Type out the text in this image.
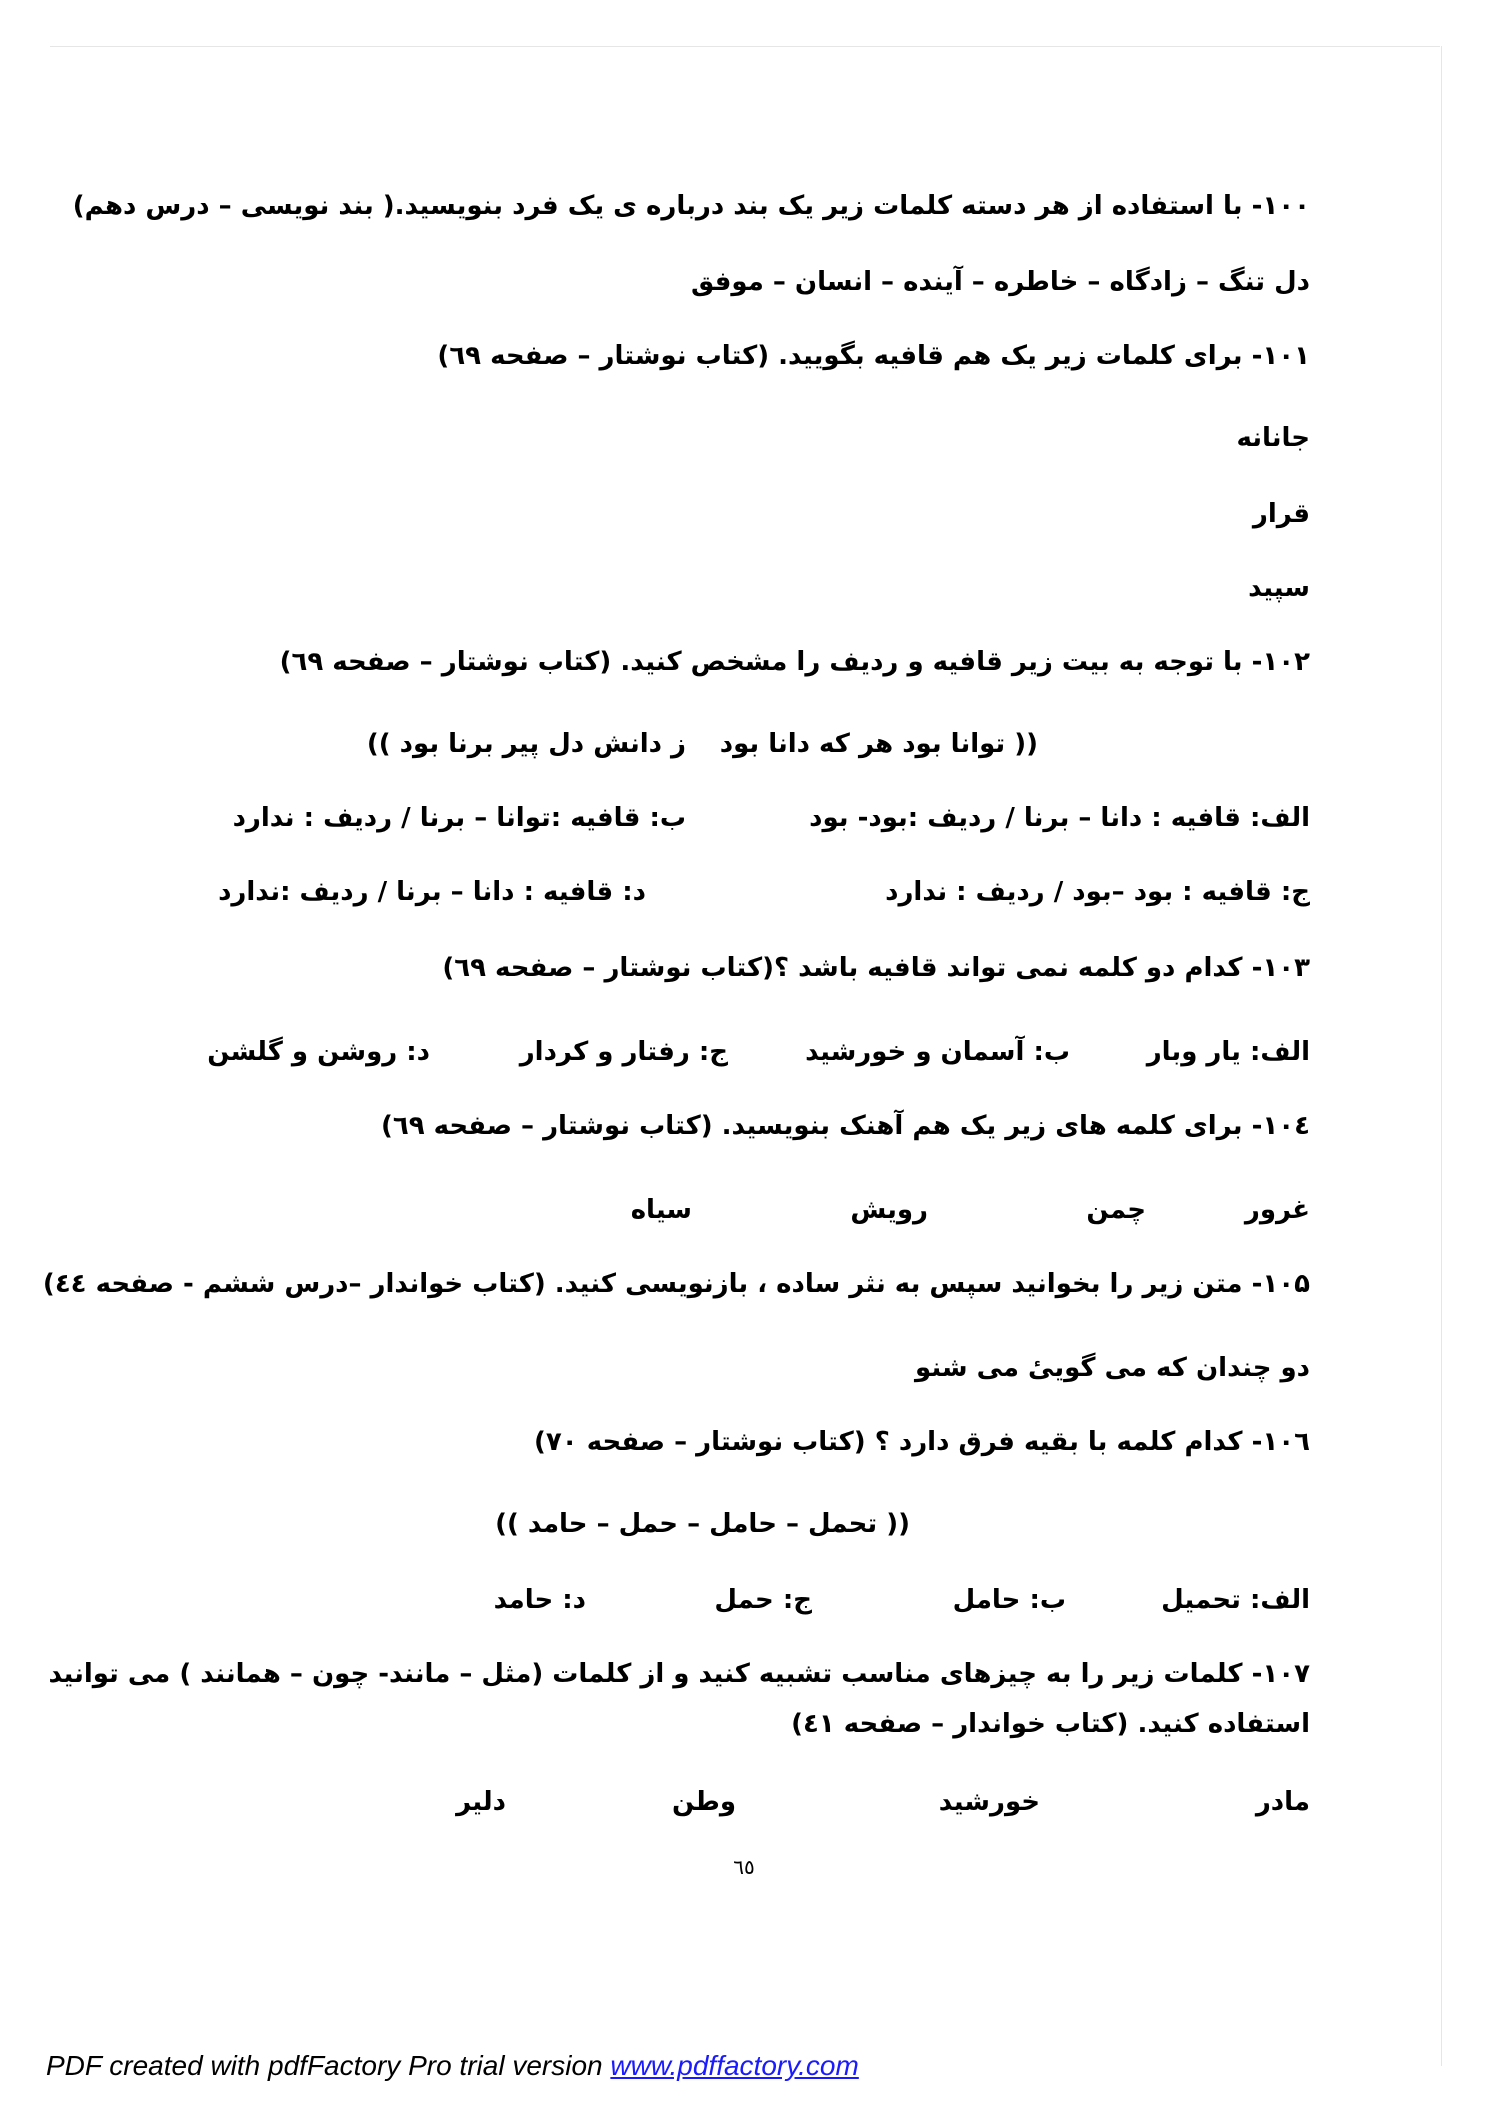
۱۰۰- با استفاده از هر دسته کلمات زیر یک بند درباره ی یک فرد بنویسید.( بند نویسی – درس دهم)
دل تنگ – زادگاه – خاطره – آینده – انسان – موفق
۱۰۱- برای کلمات زیر یک هم قافیه بگویید. (کتاب نوشتار – صفحه ٦٩)
جانانه
قرار
سپید
۱۰۲- با توجه به بیت زیر قافیه و ردیف را مشخص کنید. (کتاب نوشتار – صفحه ٦٩)
(( توانا بود هر که دانا بود
ز دانش دل پیر برنا بود ))
الف: قافیه : دانا – برنا / ردیف :بود- بود
ب: قافیه :توانا – برنا / ردیف : ندارد
ج: قافیه : بود –بود / ردیف : ندارد
د: قافیه : دانا – برنا / ردیف :ندارد
۱۰۳- کدام دو کلمه نمی تواند قافیه باشد ؟(کتاب نوشتار – صفحه ٦٩)
الف: یار وبار
ب: آسمان و خورشید
ج: رفتار و کردار
د: روشن و گلشن
۱۰٤- برای کلمه های زیر یک هم آهنک بنویسید. (کتاب نوشتار – صفحه ٦٩)
غرور
چمن
رویش
سیاه
۱۰۵- متن زیر را بخوانید سپس به نثر ساده ، بازنویسی کنید. (کتاب خواندار –درس ششم - صفحه ٤٤)
دو چندان که می گوییٔ می شنو
۱۰٦- کدام کلمه با بقیه فرق دارد ؟ (کتاب نوشتار – صفحه ۷۰)
(( تحمل – حامل – حمل – حامد ))
الف: تحمیل
ب: حامل
ج: حمل
د: حامد
۱۰۷- کلمات زیر را به چیزهای مناسب تشبیه کنید و از کلمات (مثل – مانند- چون – همانند ) می توانید
استفاده کنید. (کتاب خواندار – صفحه ٤۱)
مادر
خورشید
وطن
دلیر
٦٥
PDF created with pdfFactory Pro trial version www.pdffactory.com
